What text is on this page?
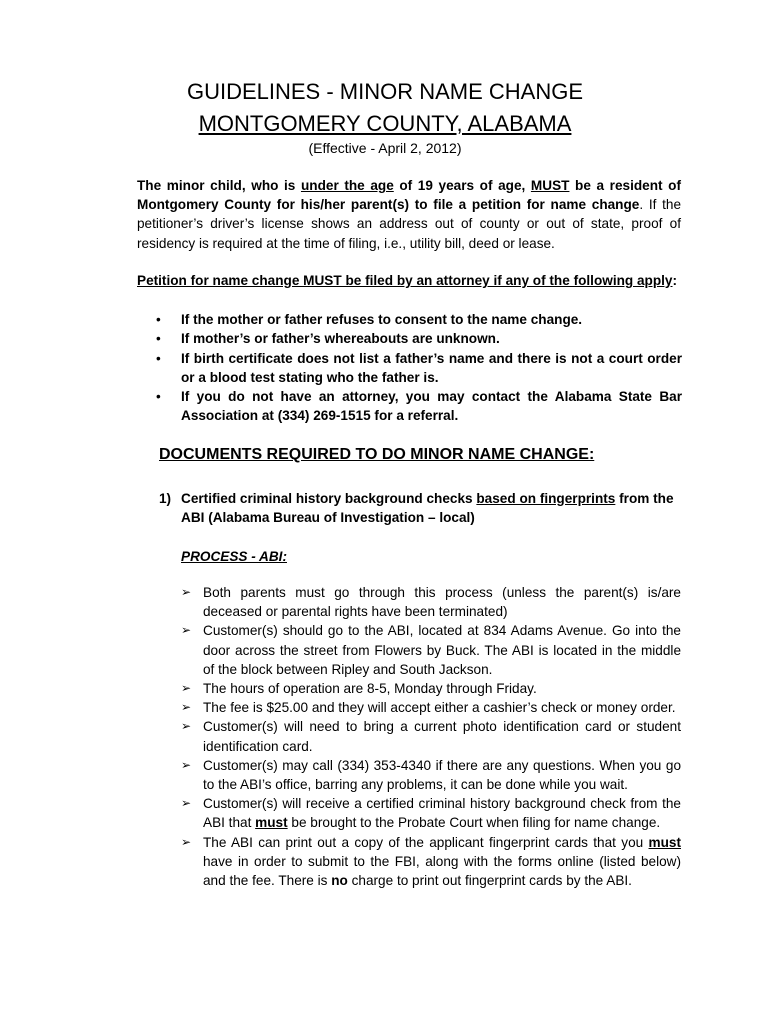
GUIDELINES - MINOR NAME CHANGE
MONTGOMERY COUNTY, ALABAMA
(Effective - April 2, 2012)
The minor child, who is under the age of 19 years of age, MUST be a resident of Montgomery County for his/her parent(s) to file a petition for name change. If the petitioner’s driver’s license shows an address out of county or out of state, proof of residency is required at the time of filing, i.e., utility bill, deed or lease.
Petition for name change MUST be filed by an attorney if any of the following apply:
• If the mother or father refuses to consent to the name change.
• If mother’s or father’s whereabouts are unknown.
• If birth certificate does not list a father’s name and there is not a court order or a blood test stating who the father is.
• If you do not have an attorney, you may contact the Alabama State Bar Association at (334) 269-1515 for a referral.
DOCUMENTS REQUIRED TO DO MINOR NAME CHANGE:
1) Certified criminal history background checks based on fingerprints from the ABI (Alabama Bureau of Investigation – local)
PROCESS - ABI:
➢ Both parents must go through this process (unless the parent(s) is/are deceased or parental rights have been terminated)
➢ Customer(s) should go to the ABI, located at 834 Adams Avenue. Go into the door across the street from Flowers by Buck. The ABI is located in the middle of the block between Ripley and South Jackson.
➢ The hours of operation are 8-5, Monday through Friday.
➢ The fee is $25.00 and they will accept either a cashier’s check or money order.
➢ Customer(s) will need to bring a current photo identification card or student identification card.
➢ Customer(s) may call (334) 353-4340 if there are any questions. When you go to the ABI’s office, barring any problems, it can be done while you wait.
➢ Customer(s) will receive a certified criminal history background check from the ABI that must be brought to the Probate Court when filing for name change.
➢ The ABI can print out a copy of the applicant fingerprint cards that you must have in order to submit to the FBI, along with the forms online (listed below) and the fee. There is no charge to print out fingerprint cards by the ABI.
